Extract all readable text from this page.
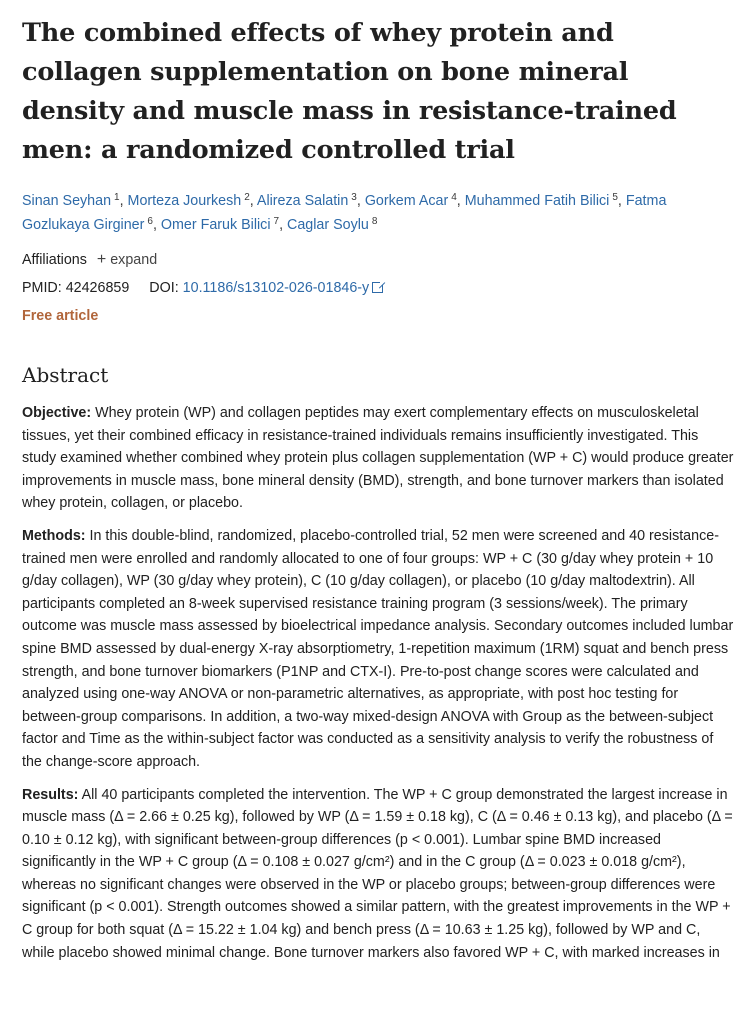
The combined effects of whey protein and collagen supplementation on bone mineral density and muscle mass in resistance-trained men: a randomized controlled trial
Sinan Seyhan $^1$, Morteza Jourkesh $^2$, Alireza Salatin $^3$, Gorkem Acar $^4$, Muhammed Fatih Bilici $^5$, Fatma Gozlukaya Girginer $^6$, Omer Faruk Bilici $^7$, Caglar Soylu $^8$
Affiliations + expand
PMID: 42426859 DOI: 10.1186/s13102-026-01846-y
Free article
Abstract

Objective: Whey protein (WP) and collagen peptides may exert complementary effects on musculoskeletal tissues, yet their combined efficacy in resistance-trained individuals remains insufficiently investigated. This study examined whether combined whey protein plus collagen supplementation (WP + C) would produce greater improvements in muscle mass, bone mineral density (BMD), strength, and bone turnover markers than isolated whey protein, collagen, or placebo.

Methods: In this double-blind, randomized, placebo-controlled trial, 52 men were screened and 40 resistance-trained men were enrolled and randomly allocated to one of four groups: WP + C (30 g/day whey protein + 10 g/day collagen), WP (30 g/day whey protein), C (10 g/day collagen), or placebo (10 g/day maltodextrin). All participants completed an 8-week supervised resistance training program (3 sessions/week). The primary outcome was muscle mass assessed by bioelectrical impedance analysis. Secondary outcomes included lumbar spine BMD assessed by dual-energy X-ray absorptiometry, 1-repetition maximum (1RM) squat and bench press strength, and bone turnover biomarkers (P1NP and CTX-I). Pre-to-post change scores were calculated and analyzed using one-way ANOVA or non-parametric alternatives, as appropriate, with post hoc testing for between-group comparisons. In addition, a two-way mixed-design ANOVA with Group as the between-subject factor and Time as the within-subject factor was conducted as a sensitivity analysis to verify the robustness of the change-score approach.

Results: All 40 participants completed the intervention. The WP + C group demonstrated the largest increase in muscle mass (Δ = 2.66 ± 0.25 kg), followed by WP (Δ = 1.59 ± 0.18 kg), C (Δ = 0.46 ± 0.13 kg), and placebo (Δ = 0.10 ± 0.12 kg), with significant between-group differences (p < 0.001). Lumbar spine BMD increased significantly in the WP + C group (Δ = 0.108 ± 0.027 g/cm²) and in the C group (Δ = 0.023 ± 0.018 g/cm²), whereas no significant changes were observed in the WP or placebo groups; between-group differences were significant (p < 0.001). Strength outcomes showed a similar pattern, with the greatest improvements in the WP + C group for both squat (Δ = 15.22 ± 1.04 kg) and bench press (Δ = 10.63 ± 1.25 kg), followed by WP and C, while placebo showed minimal change. Bone turnover markers also favored WP + C, with marked increases in
